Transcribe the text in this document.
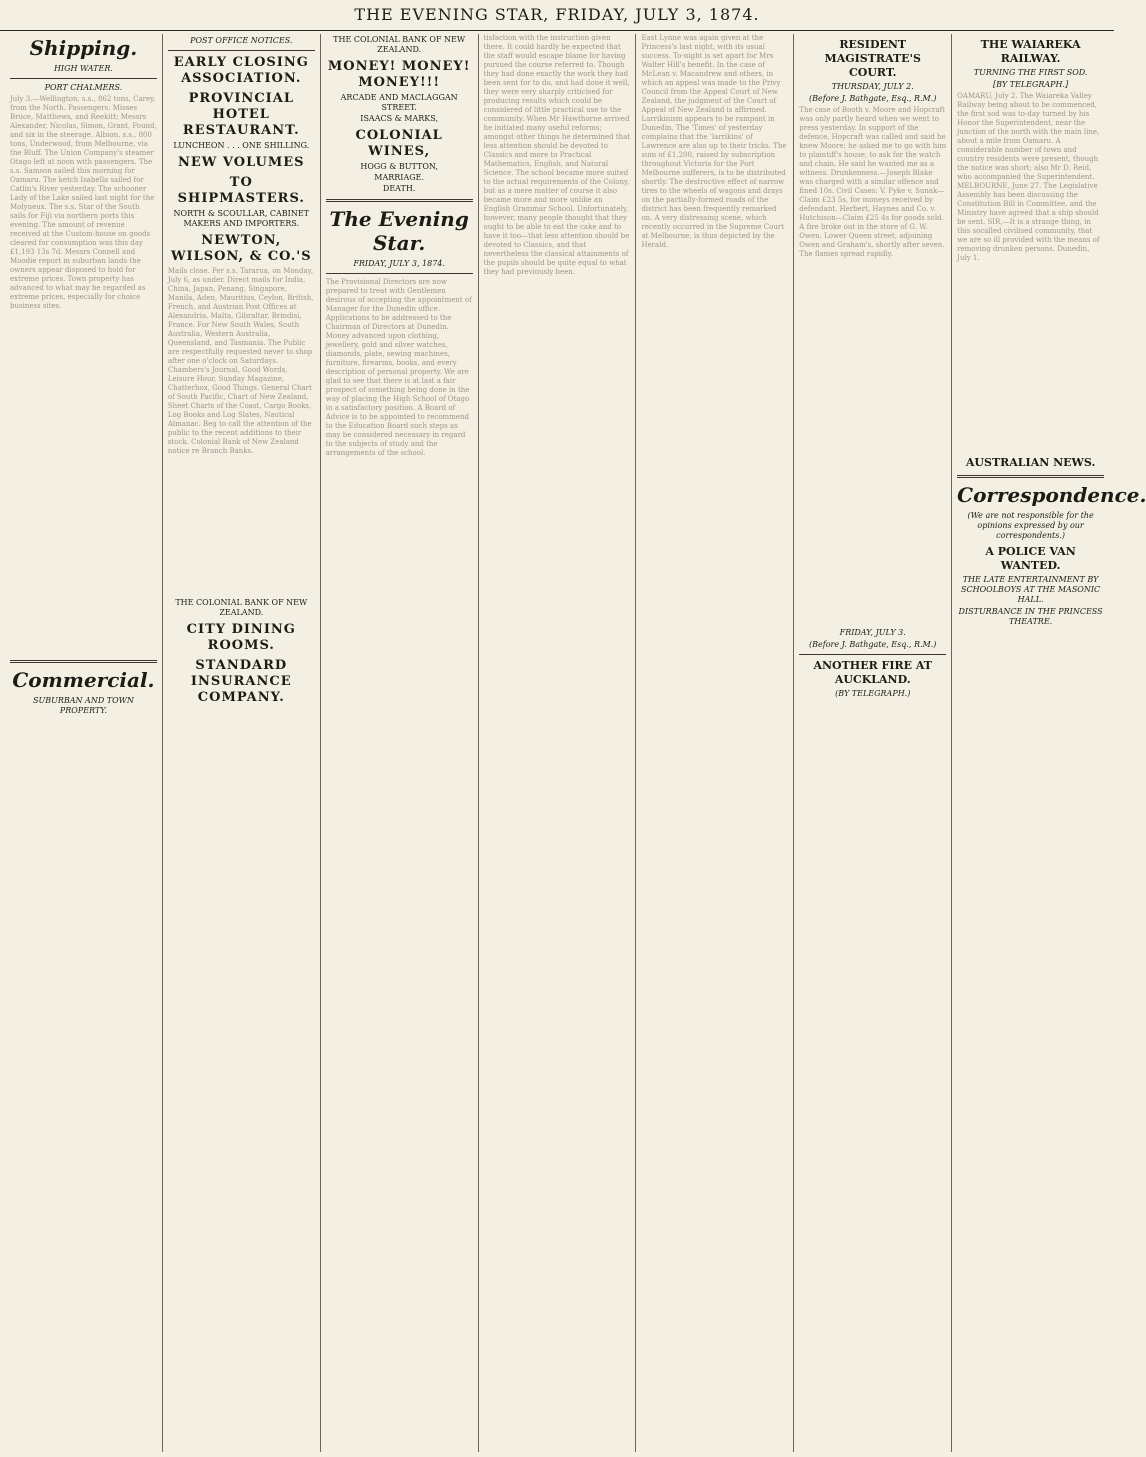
THE EVENING STAR, FRIDAY, JULY 3, 1874.
Shipping.
HIGH WATER.
PORT CHALMERS.
July 3.—Wellington, s.s., 862 tons, Carey, from the North. Passengers: Misses Bruce, Matthews, and Reekitt; Messrs Alexander, Nicolas, Simon, Grant, Found, and six in the steerage. Albion, s.s., 800 tons, Underwood, from Melbourne, via the Bluff. The Union Company's steamer Otago left at noon with passengers. The s.s. Samson sailed this morning for Oamaru. The ketch Isabella sailed for Catlin's River yesterday. The schooner Lady of the Lake sailed last night for the Molyneux. The s.s. Star of the South sails for Fiji via northern ports this evening. The amount of revenue received at the Custom-house on goods cleared for consumption was this day £1,193 13s 7d. Messrs Connell and Moodie report in suburban lands the owners appear disposed to hold for extreme prices. Town property has advanced to what may be regarded as extreme prices, especially for choice business sites.
Commercial.
SUBURBAN AND TOWN PROPERTY.
POST OFFICE NOTICES.
EARLY CLOSING ASSOCIATION.
PROVINCIAL HOTEL RESTAURANT.
LUNCHEON . . . ONE SHILLING.
NEW VOLUMES
TO SHIPMASTERS.
NORTH & SCOULLAR, CABINET MAKERS AND IMPORTERS.
NEWTON, WILSON, & CO.'S
Mails close. Per s.s. Tararua, on Monday, July 6, as under. Direct mails for India, China, Japan, Penang, Singapore, Manila, Aden, Mauritius, Ceylon, British, French, and Austrian Post Offices at Alexandria, Malta, Gibraltar, Brindisi, France. For New South Wales, South Australia, Western Australia, Queensland, and Tasmania. The Public are respectfully requested never to shop after one o'clock on Saturdays. Chambers's Journal, Good Words, Leisure Hour, Sunday Magazine, Chatterbox, Good Things. General Chart of South Pacific, Chart of New Zealand, Sheet Charts of the Coast, Cargo Books, Log Books and Log Slates, Nautical Almanac. Beg to call the attention of the public to the recent additions to their stock. Colonial Bank of New Zealand notice re Branch Banks.
THE COLONIAL BANK OF NEW ZEALAND.
CITY DINING ROOMS.
STANDARD INSURANCE COMPANY.
THE COLONIAL BANK OF NEW ZEALAND.
MONEY! MONEY! MONEY!!!
ARCADE AND MACLAGGAN STREET.
ISAACS & MARKS,
COLONIAL WINES,
HOGG & BUTTON,
MARRIAGE.
DEATH.
The Evening Star.
FRIDAY, JULY 3, 1874.
The Provisional Directors are now prepared to treat with Gentlemen desirous of accepting the appointment of Manager for the Dunedin office. Applications to be addressed to the Chairman of Directors at Dunedin. Money advanced upon clothing, jewellery, gold and silver watches, diamonds, plate, sewing machines, furniture, firearms, books, and every description of personal property. We are glad to see that there is at last a fair prospect of something being done in the way of placing the High School of Otago in a satisfactory position. A Board of Advice is to be appointed to recommend to the Education Board such steps as may be considered necessary in regard to the subjects of study and the arrangements of the school.
tisfaction with the instruction given there. It could hardly be expected that the staff would escape blame for having pursued the course referred to. Though they had done exactly the work they had been sent for to do, and had done it well, they were very sharply criticised for producing results which could be considered of little practical use to the community. When Mr Hawthorne arrived he initiated many useful reforms; amongst other things he determined that less attention should be devoted to Classics and more to Practical Mathematics, English, and Natural Science. The school became more suited to the actual requirements of the Colony, but as a mere matter of course it also became more and more unlike an English Grammar School. Unfortunately, however, many people thought that they ought to be able to eat the cake and to have it too—that less attention should be devoted to Classics, and that nevertheless the classical attainments of the pupils should be quite equal to what they had previously been.
East Lynne was again given at the Princess's last night, with its usual success. To-night is set apart for Mrs Walter Hill's benefit. In the case of McLean v. Macandrew and others, in which an appeal was made to the Privy Council from the Appeal Court of New Zealand, the judgment of the Court of Appeal of New Zealand is affirmed. Larrikinism appears to be rampant in Dunedin. The 'Times' of yesterday complains that the 'larrikins' of Lawrence are also up to their tricks. The sum of £1,200, raised by subscription throughout Victoria for the Port Melbourne sufferers, is to be distributed shortly. The destructive effect of narrow tires to the wheels of wagons and drays on the partially-formed roads of the district has been frequently remarked on. A very distressing scene, which recently occurred in the Supreme Court at Melbourne, is thus depicted by the Herald.
RESIDENT MAGISTRATE'S COURT.
THURSDAY, JULY 2.
(Before J. Bathgate, Esq., R.M.)
The case of Booth v. Moore and Hopcraft was only partly heard when we went to press yesterday. In support of the defence, Hopcraft was called and said he knew Moore; he asked me to go with him to plaintiff's house, to ask for the watch and chain. He said he wanted me as a witness. Drunkenness.—Joseph Blake was charged with a similar offence and fined 10s. Civil Cases: V. Pyke v. Sunak—Claim £23 5s, for moneys received by defendant. Herbert, Haynes and Co. v. Hutchison—Claim £25 4s for goods sold. A fire broke out in the store of G. W. Owen, Lower Queen street, adjoining Owen and Graham's, shortly after seven. The flames spread rapidly.
FRIDAY, JULY 3.
(Before J. Bathgate, Esq., R.M.)
ANOTHER FIRE AT AUCKLAND.
(BY TELEGRAPH.)
THE WAIAREKA RAILWAY.
TURNING THE FIRST SOD.
[BY TELEGRAPH.]
OAMARU, July 2. The Waiareka Valley Railway being about to be commenced, the first sod was to-day turned by his Honor the Superintendent, near the junction of the north with the main line, about a mile from Oamaru. A considerable number of town and country residents were present, though the notice was short; also Mr D. Reid, who accompanied the Superintendent. MELBOURNE, June 27. The Legislative Assembly has been discussing the Constitution Bill in Committee, and the Ministry have agreed that a ship should be sent. SIR,—It is a strange thing, in this socalled civilised community, that we are so ill provided with the means of removing drunken persons. Dunedin, July 1.
AUSTRALIAN NEWS.
Correspondence.
(We are not responsible for the opinions expressed by our correspondents.)
A POLICE VAN WANTED.
THE LATE ENTERTAINMENT BY SCHOOLBOYS AT THE MASONIC HALL.
DISTURBANCE IN THE PRINCESS THEATRE.
